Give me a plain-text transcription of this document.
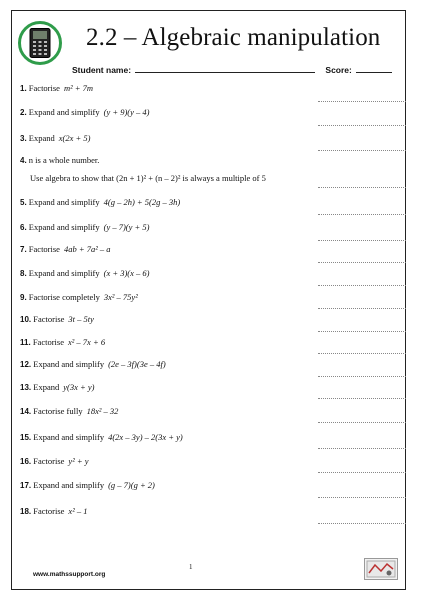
2.2 – Algebraic manipulation
Student name:	Score:
1. Factorise m² + 7m
2. Expand and simplify (y + 9)(y – 4)
3. Expand x(2x + 5)
4. n is a whole number.
Use algebra to show that (2n + 1)² + (n – 2)² is always a multiple of 5
5. Expand and simplify 4(g – 2h) + 5(2g – 3h)
6. Expand and simplify (y – 7)(y + 5)
7. Factorise 4ab + 7a² – a
8. Expand and simplify (x + 3)(x – 6)
9. Factorise completely 3x² – 75y²
10. Factorise 3t – 5ty
11. Factorise x² – 7x + 6
12. Expand and simplify (2e – 3f)(3e – 4f)
13. Expand y(3x + y)
14. Factorise fully 18x² – 32
15. Expand and simplify 4(2x – 3y) – 2(3x + y)
16. Factorise y² + y
17. Expand and simplify (g – 7)(g + 2)
18. Factorise x² – 1
1
www.mathssupport.org
